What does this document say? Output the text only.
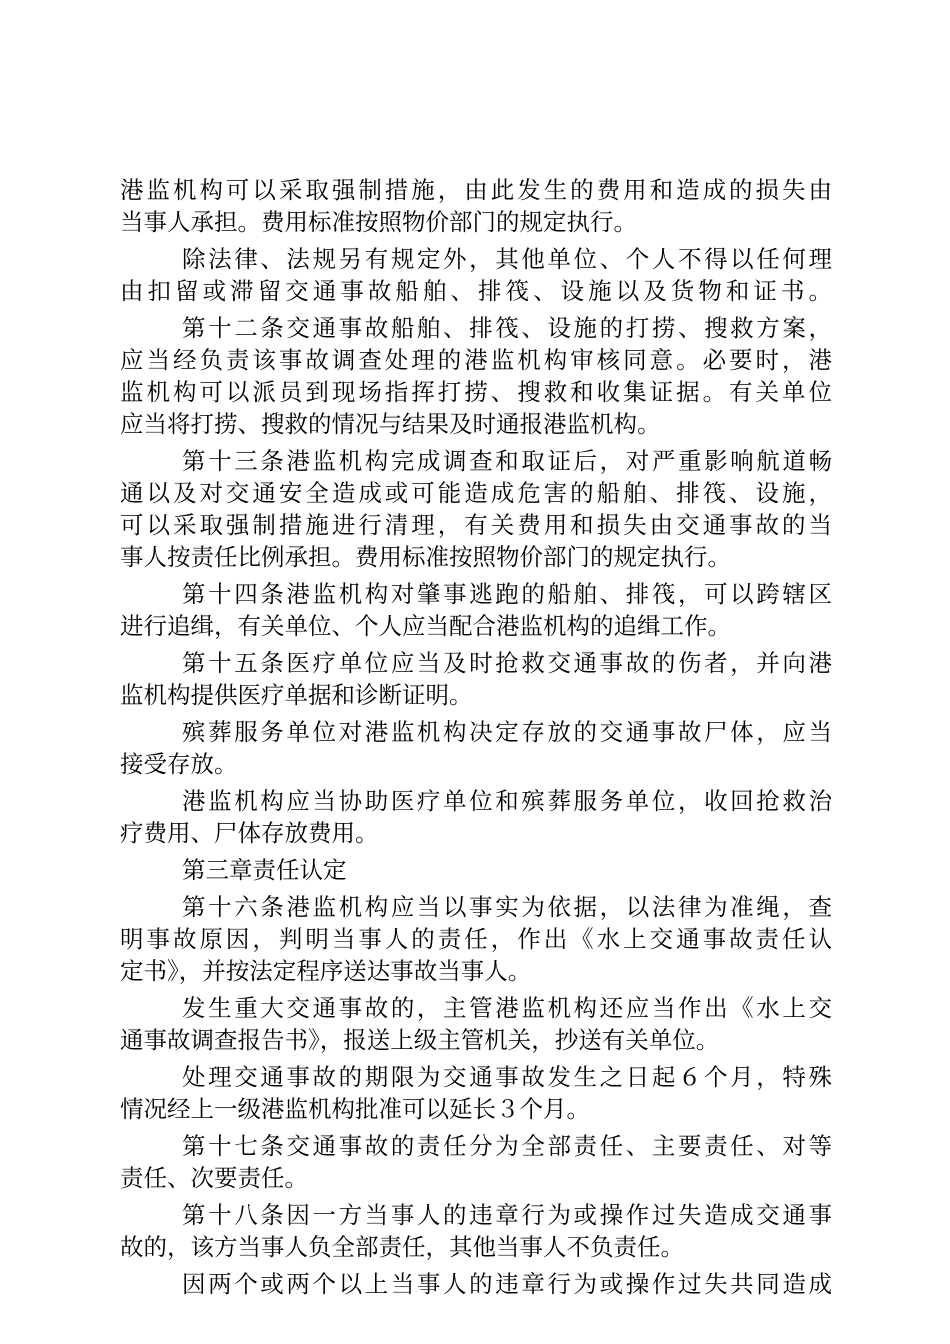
港监机构可以采取强制措施，由此发生的费用和造成的损失由
当事人承担。费用标准按照物价部门的规定执行。
除法律、法规另有规定外，其他单位、个人不得以任何理
由扣留或滞留交通事故船舶、排筏、设施以及货物和证书。
第十二条交通事故船舶、排筏、设施的打捞、搜救方案，
应当经负责该事故调查处理的港监机构审核同意。必要时，港
监机构可以派员到现场指挥打捞、搜救和收集证据。有关单位
应当将打捞、搜救的情况与结果及时通报港监机构。
第十三条港监机构完成调查和取证后，对严重影响航道畅
通以及对交通安全造成或可能造成危害的船舶、排筏、设施，
可以采取强制措施进行清理，有关费用和损失由交通事故的当
事人按责任比例承担。费用标准按照物价部门的规定执行。
第十四条港监机构对肇事逃跑的船舶、排筏，可以跨辖区
进行追缉，有关单位、个人应当配合港监机构的追缉工作。
第十五条医疗单位应当及时抢救交通事故的伤者，并向港
监机构提供医疗单据和诊断证明。
殡葬服务单位对港监机构决定存放的交通事故尸体，应当
接受存放。
港监机构应当协助医疗单位和殡葬服务单位，收回抢救治
疗费用、尸体存放费用。
第三章责任认定
第十六条港监机构应当以事实为依据，以法律为准绳，查
明事故原因，判明当事人的责任，作出《水上交通事故责任认
定书》，并按法定程序送达事故当事人。
发生重大交通事故的，主管港监机构还应当作出《水上交
通事故调查报告书》，报送上级主管机关，抄送有关单位。
处理交通事故的期限为交通事故发生之日起６个月，特殊
情况经上一级港监机构批准可以延长３个月。
第十七条交通事故的责任分为全部责任、主要责任、对等
责任、次要责任。
第十八条因一方当事人的违章行为或操作过失造成交通事
故的，该方当事人负全部责任，其他当事人不负责任。
因两个或两个以上当事人的违章行为或操作过失共同造成
